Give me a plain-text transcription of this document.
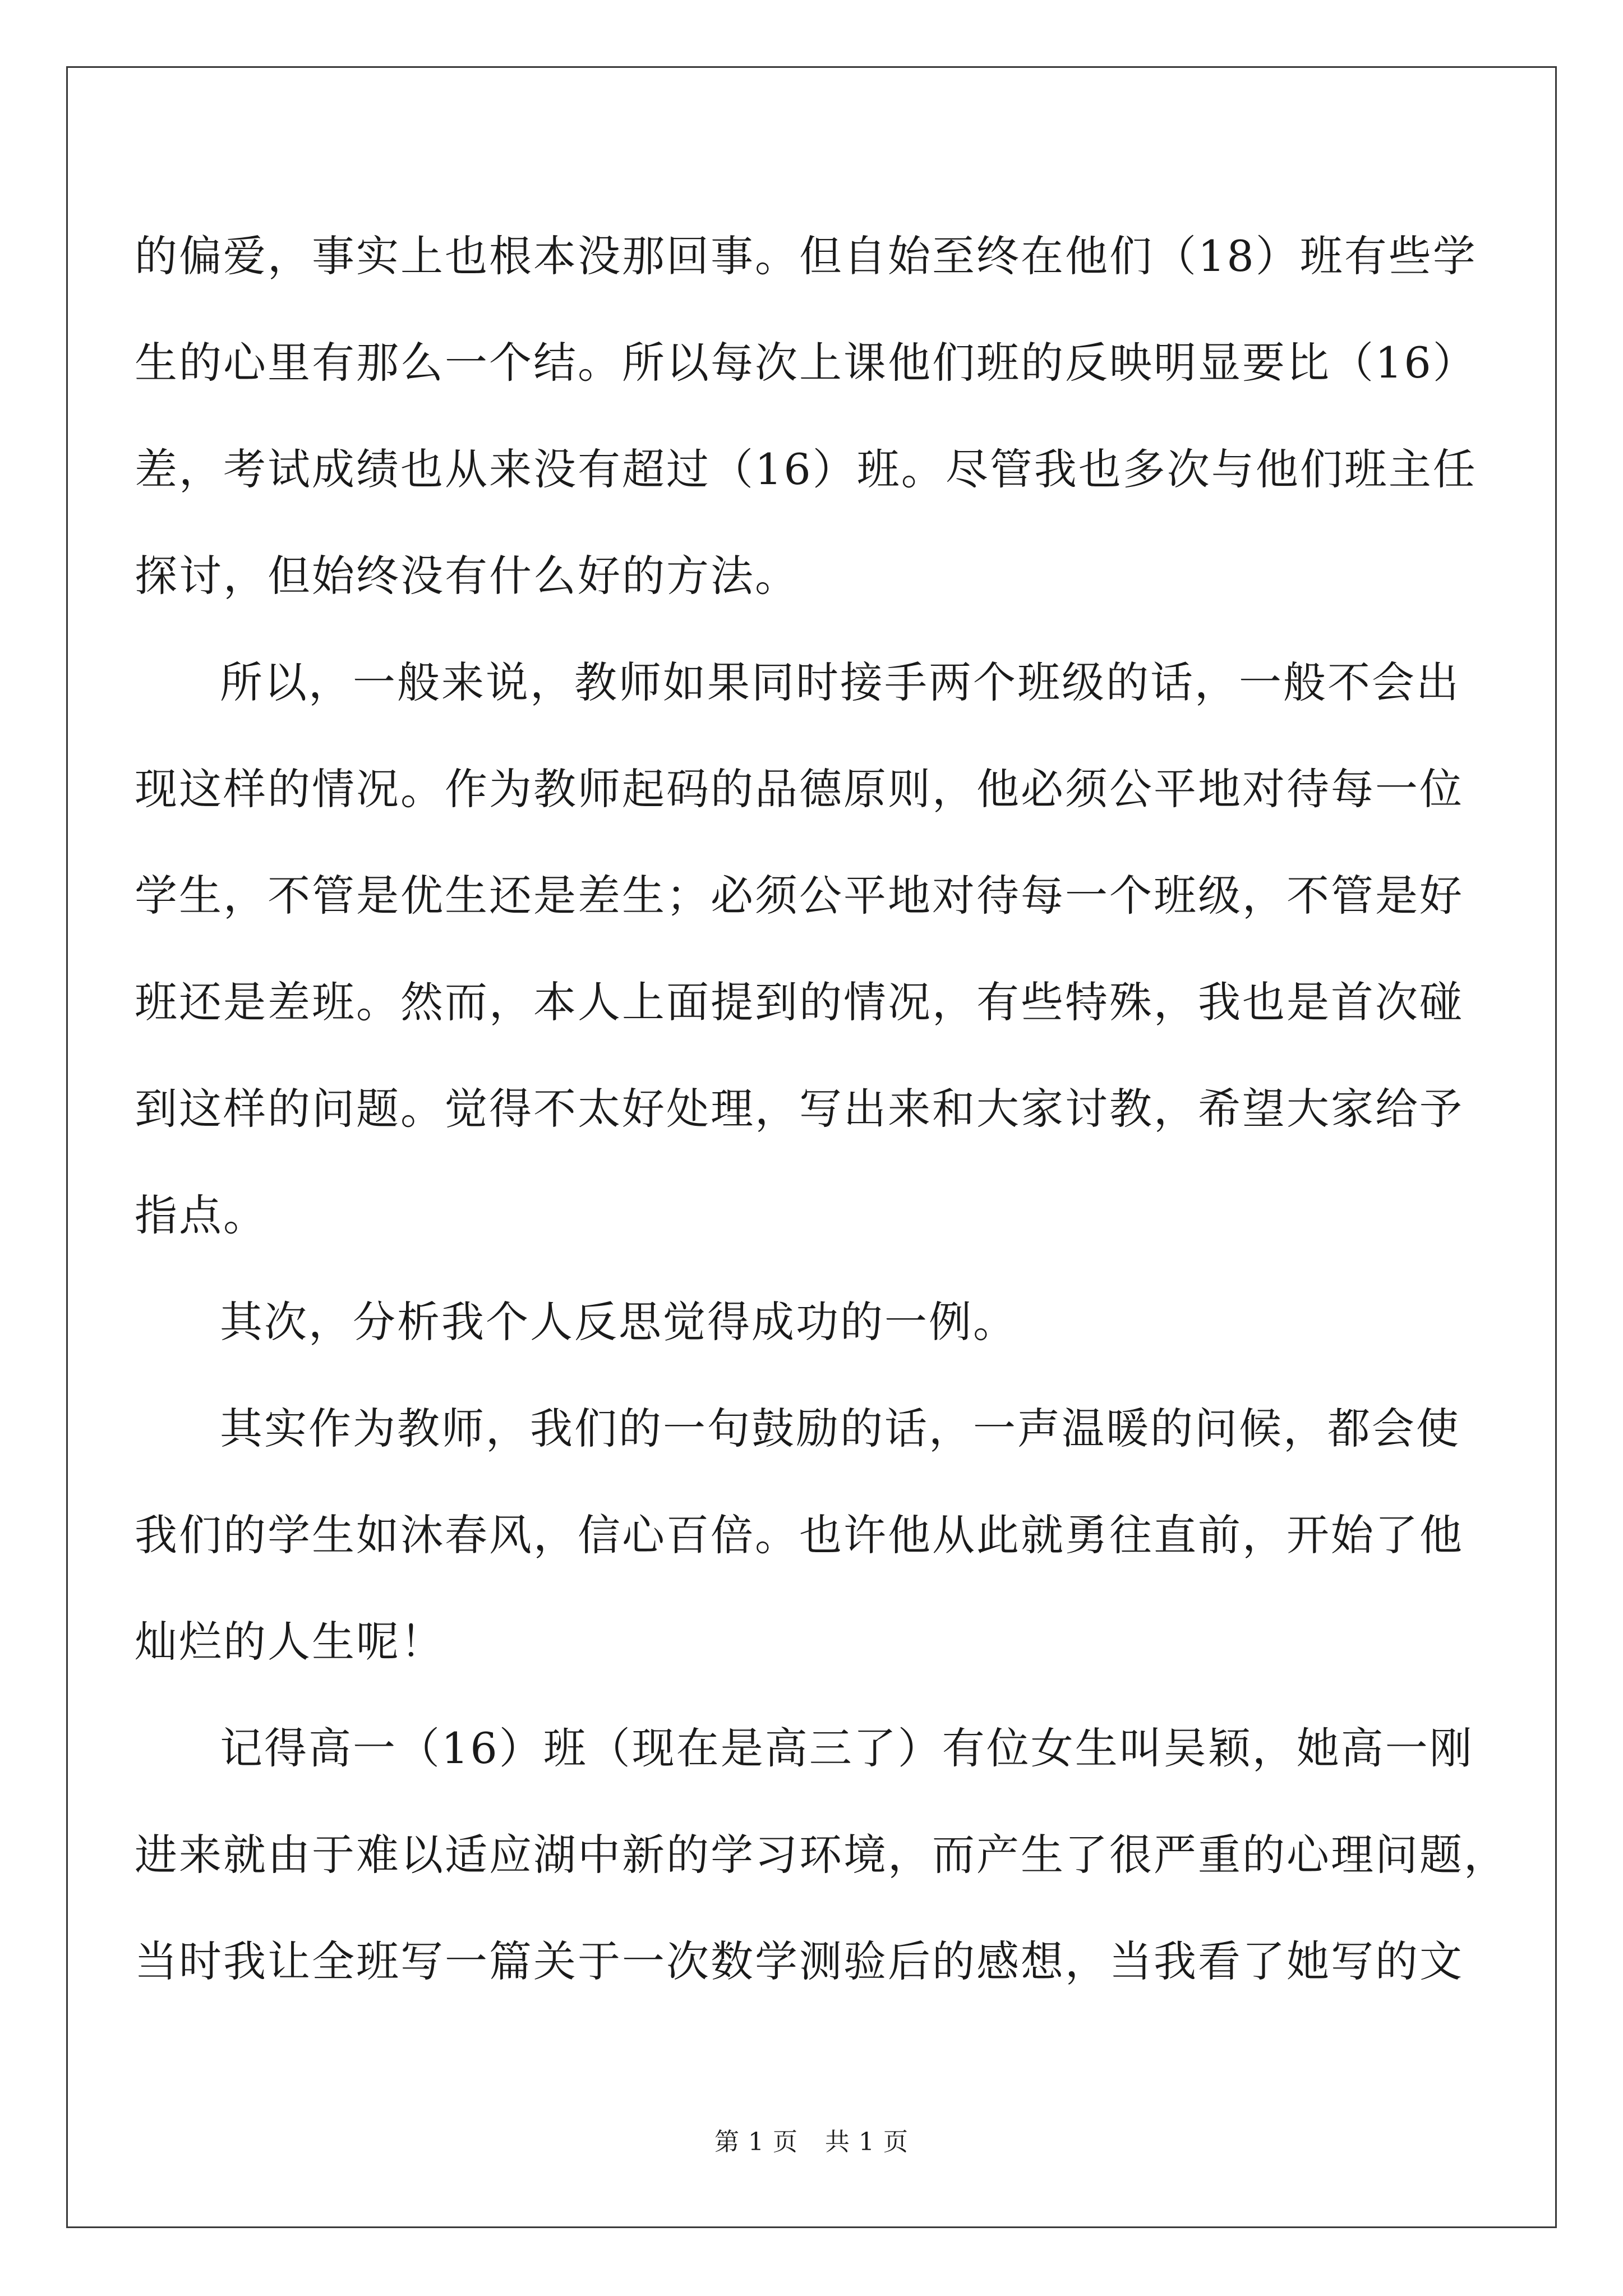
的偏爱，事实上也根本没那回事。但自始至终在他们（18）班有些学
生的心里有那么一个结。所以每次上课他们班的反映明显要比（16）
差，考试成绩也从来没有超过（16）班。尽管我也多次与他们班主任
探讨，但始终没有什么好的方法。

所以，一般来说，教师如果同时接手两个班级的话，一般不会出
现这样的情况。作为教师起码的品德原则，他必须公平地对待每一位
学生，不管是优生还是差生；必须公平地对待每一个班级，不管是好
班还是差班。然而，本人上面提到的情况，有些特殊，我也是首次碰
到这样的问题。觉得不太好处理，写出来和大家讨教，希望大家给予
指点。

其次，分析我个人反思觉得成功的一例。

其实作为教师，我们的一句鼓励的话，一声温暖的问候，都会使
我们的学生如沐春风，信心百倍。也许他从此就勇往直前，开始了他
灿烂的人生呢！

记得高一（16）班（现在是高三了）有位女生叫吴颖，她高一刚
进来就由于难以适应湖中新的学习环境，而产生了很严重的心理问题，
当时我让全班写一篇关于一次数学测验后的感想，当我看了她写的文

第 1 页 共 1 页
